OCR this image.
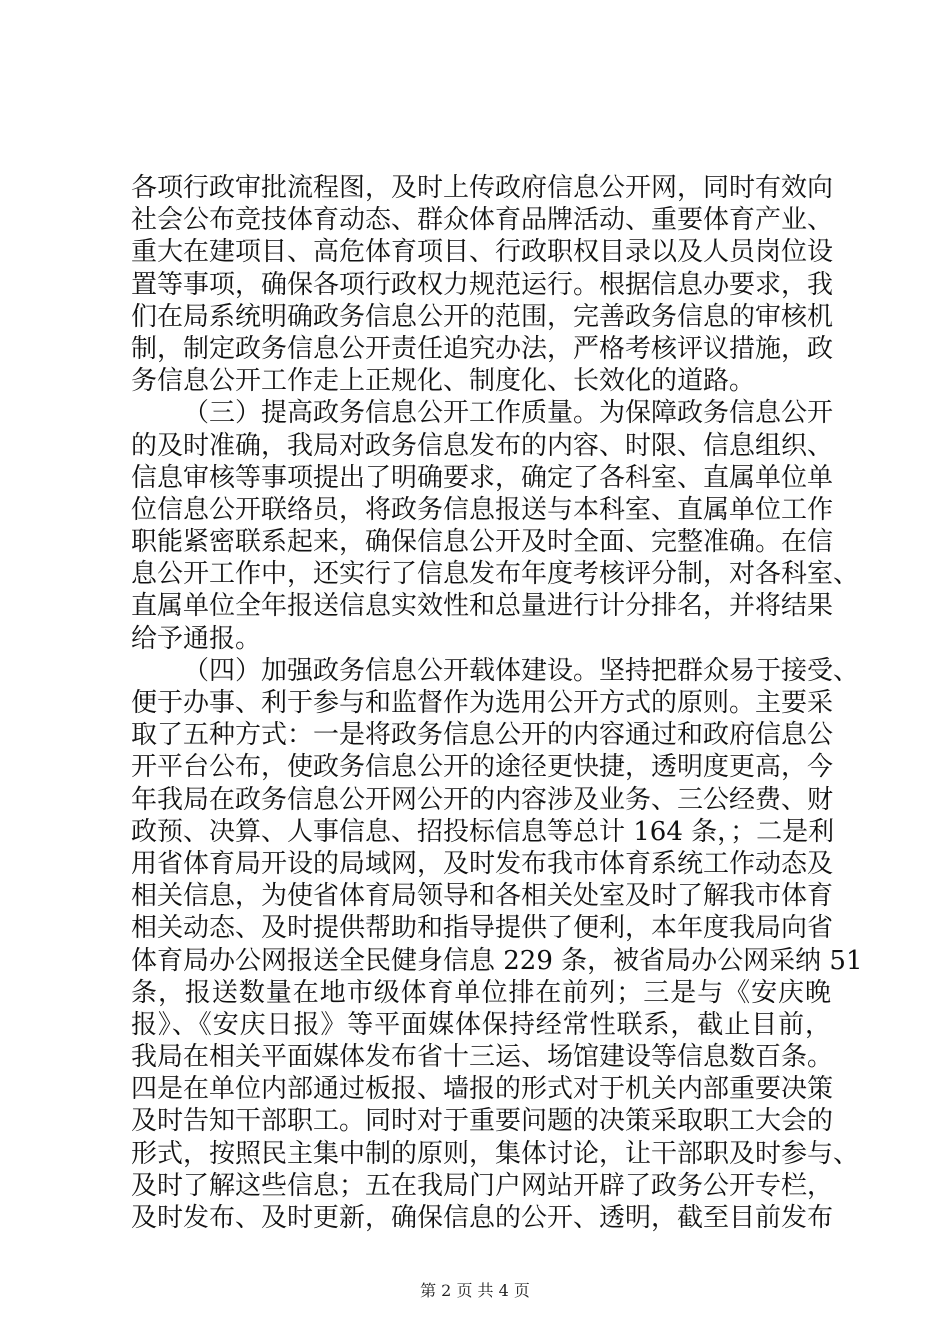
各项行政审批流程图，及时上传政府信息公开网，同时有效向
社会公布竞技体育动态、群众体育品牌活动、重要体育产业、
重大在建项目、高危体育项目、行政职权目录以及人员岗位设
置等事项，确保各项行政权力规范运行。根据信息办要求，我
们在局系统明确政务信息公开的范围，完善政务信息的审核机
制，制定政务信息公开责任追究办法，严格考核评议措施，政
务信息公开工作走上正规化、制度化、长效化的道路。
（三）提高政务信息公开工作质量。为保障政务信息公开
的及时准确，我局对政务信息发布的内容、时限、信息组织、
信息审核等事项提出了明确要求，确定了各科室、直属单位单
位信息公开联络员，将政务信息报送与本科室、直属单位工作
职能紧密联系起来，确保信息公开及时全面、完整准确。在信
息公开工作中，还实行了信息发布年度考核评分制，对各科室、
直属单位全年报送信息实效性和总量进行计分排名，并将结果
给予通报。
（四）加强政务信息公开载体建设。坚持把群众易于接受、
便于办事、利于参与和监督作为选用公开方式的原则。主要采
取了五种方式：一是将政务信息公开的内容通过和政府信息公
开平台公布，使政务信息公开的途径更快捷，透明度更高，今
年我局在政务信息公开网公开的内容涉及业务、三公经费、财
政预、决算、人事信息、招投标信息等总计 164 条，；二是利
用省体育局开设的局域网，及时发布我市体育系统工作动态及
相关信息，为使省体育局领导和各相关处室及时了解我市体育
相关动态、及时提供帮助和指导提供了便利，本年度我局向省
体育局办公网报送全民健身信息 229 条，被省局办公网采纳 51
条，报送数量在地市级体育单位排在前列；三是与《安庆晚
报》、《安庆日报》等平面媒体保持经常性联系，截止目前，
我局在相关平面媒体发布省十三运、场馆建设等信息数百条。
四是在单位内部通过板报、墙报的形式对于机关内部重要决策
及时告知干部职工。同时对于重要问题的决策采取职工大会的
形式，按照民主集中制的原则，集体讨论，让干部职及时参与、
及时了解这些信息；五在我局门户网站开辟了政务公开专栏，
及时发布、及时更新，确保信息的公开、透明，截至目前发布
第 2 页 共 4 页
